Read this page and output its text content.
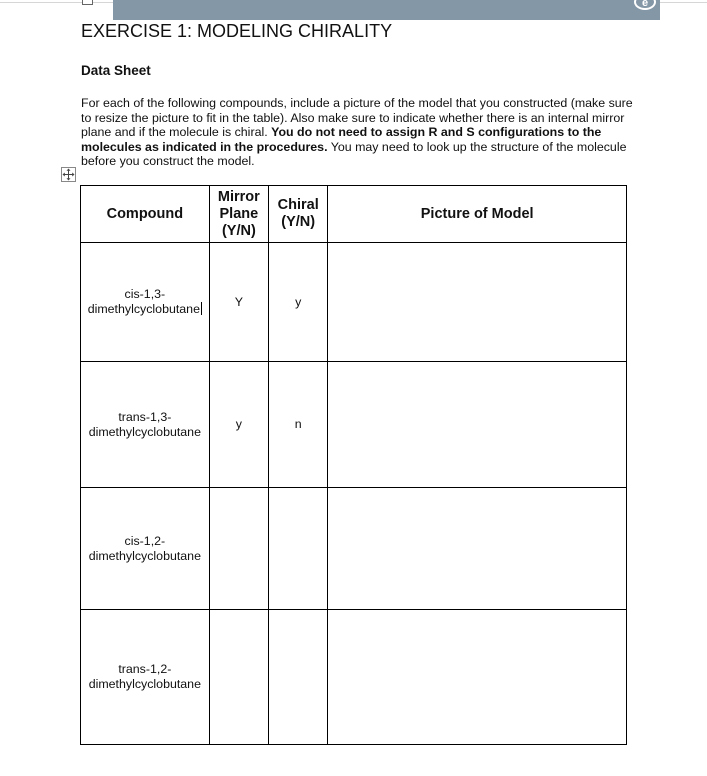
e
EXERCISE 1: MODELING CHIRALITY
Data Sheet

For each of the following compounds, include a picture of the model that you constructed (make sure to resize the picture to fit in the table). Also make sure to indicate whether there is an internal mirror plane and if the molecule is chiral. You do not need to assign R and S configurations to the molecules as indicated in the procedures. You may need to look up the structure of the molecule before you construct the model.

Compound	Mirror Plane (Y/N)	Chiral (Y/N)	Picture of Model
cis-1,3-dimethylcyclobutane	Y	y	
trans-1,3-dimethylcyclobutane	y	n	
cis-1,2-dimethylcyclobutane			
trans-1,2-dimethylcyclobutane			
